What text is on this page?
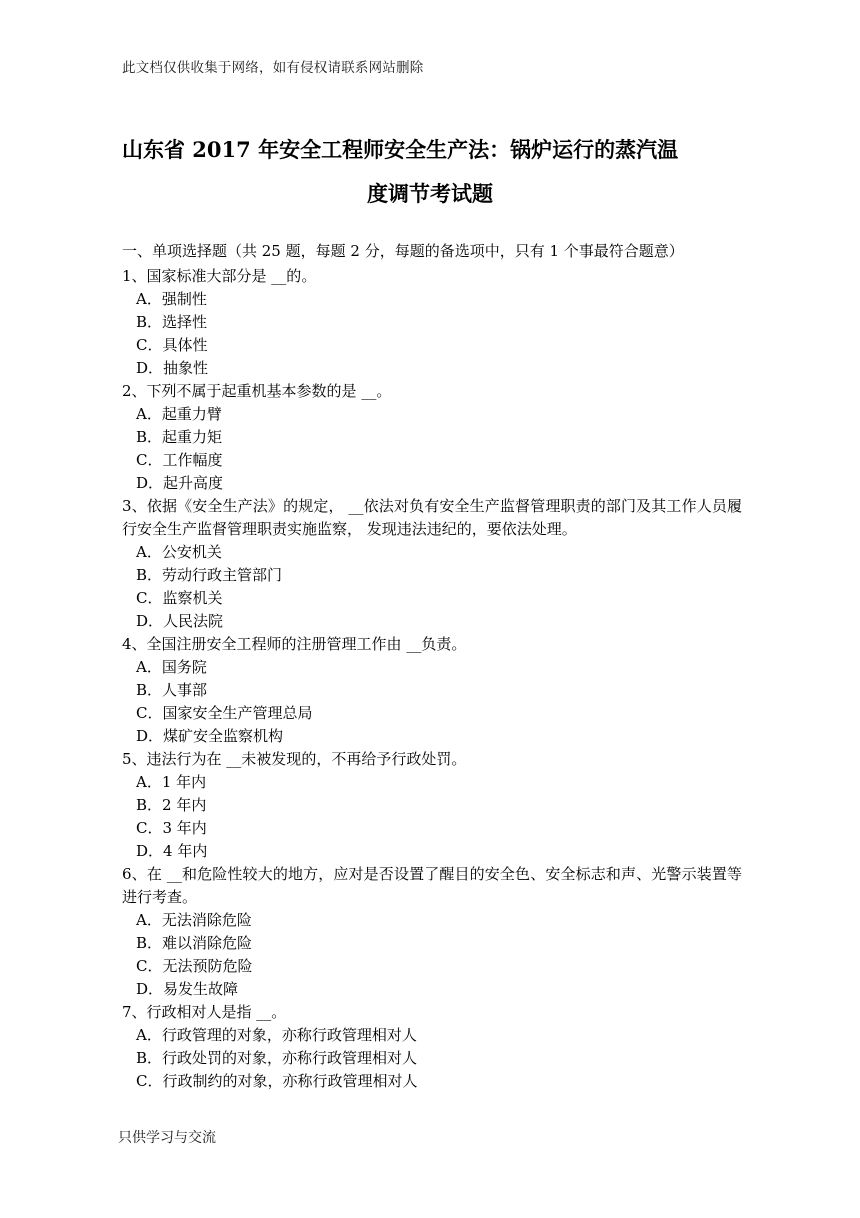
此文档仅供收集于网络，如有侵权请联系网站删除
山东省 2017 年安全工程师安全生产法：锅炉运行的蒸汽温
度调节考试题

一、单项选择题（共 25 题，每题 2 分，每题的备选项中，只有 1 个事最符合题意）

1、国家标准大部分是 __的。

A．强制性

B．选择性

C．具体性

D．抽象性

2、下列不属于起重机基本参数的是 __。

A．起重力臂

B．起重力矩

C．工作幅度

D．起升高度

3、依据《安全生产法》的规定， __依法对负有安全生产监督管理职责的部门及其工作人员履行安全生产监督管理职责实施监察， 发现违法违纪的，要依法处理。

A．公安机关

B．劳动行政主管部门

C．监察机关

D．人民法院

4、全国注册安全工程师的注册管理工作由 __负责。

A．国务院

B．人事部

C．国家安全生产管理总局

D．煤矿安全监察机构

5、违法行为在 __未被发现的，不再给予行政处罚。

A．1 年内

B．2 年内

C．3 年内

D．4 年内

6、在 __和危险性较大的地方，应对是否设置了醒目的安全色、安全标志和声、光警示装置等进行考查。

A．无法消除危险

B．难以消除危险

C．无法预防危险

D．易发生故障

7、行政相对人是指 __。

A．行政管理的对象，亦称行政管理相对人

B．行政处罚的对象，亦称行政管理相对人

C．行政制约的对象，亦称行政管理相对人

只供学习与交流
